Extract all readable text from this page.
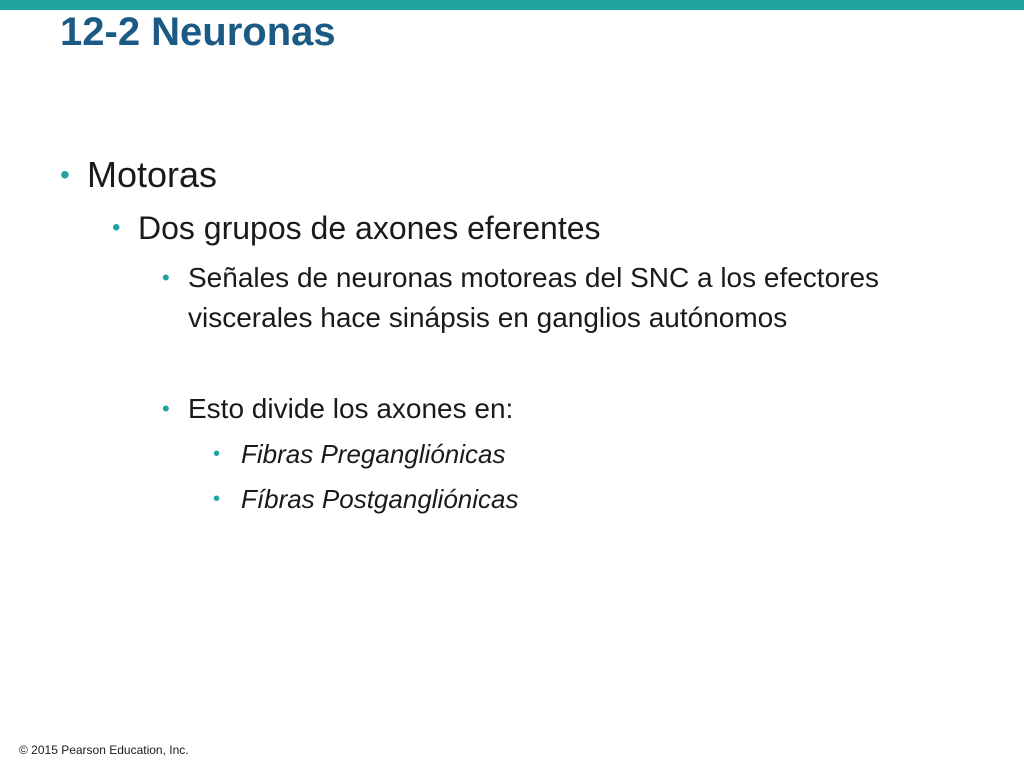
12-2 Neuronas
• Motoras
• Dos grupos de axones eferentes
• Señales de neuronas motoreas del SNC a los efectores viscerales hace sinápsis en ganglios autónomos
• Esto divide los axones en:
• Fibras Pregangliónicas
• Fíbras Postgangliónicas
© 2015 Pearson Education, Inc.
